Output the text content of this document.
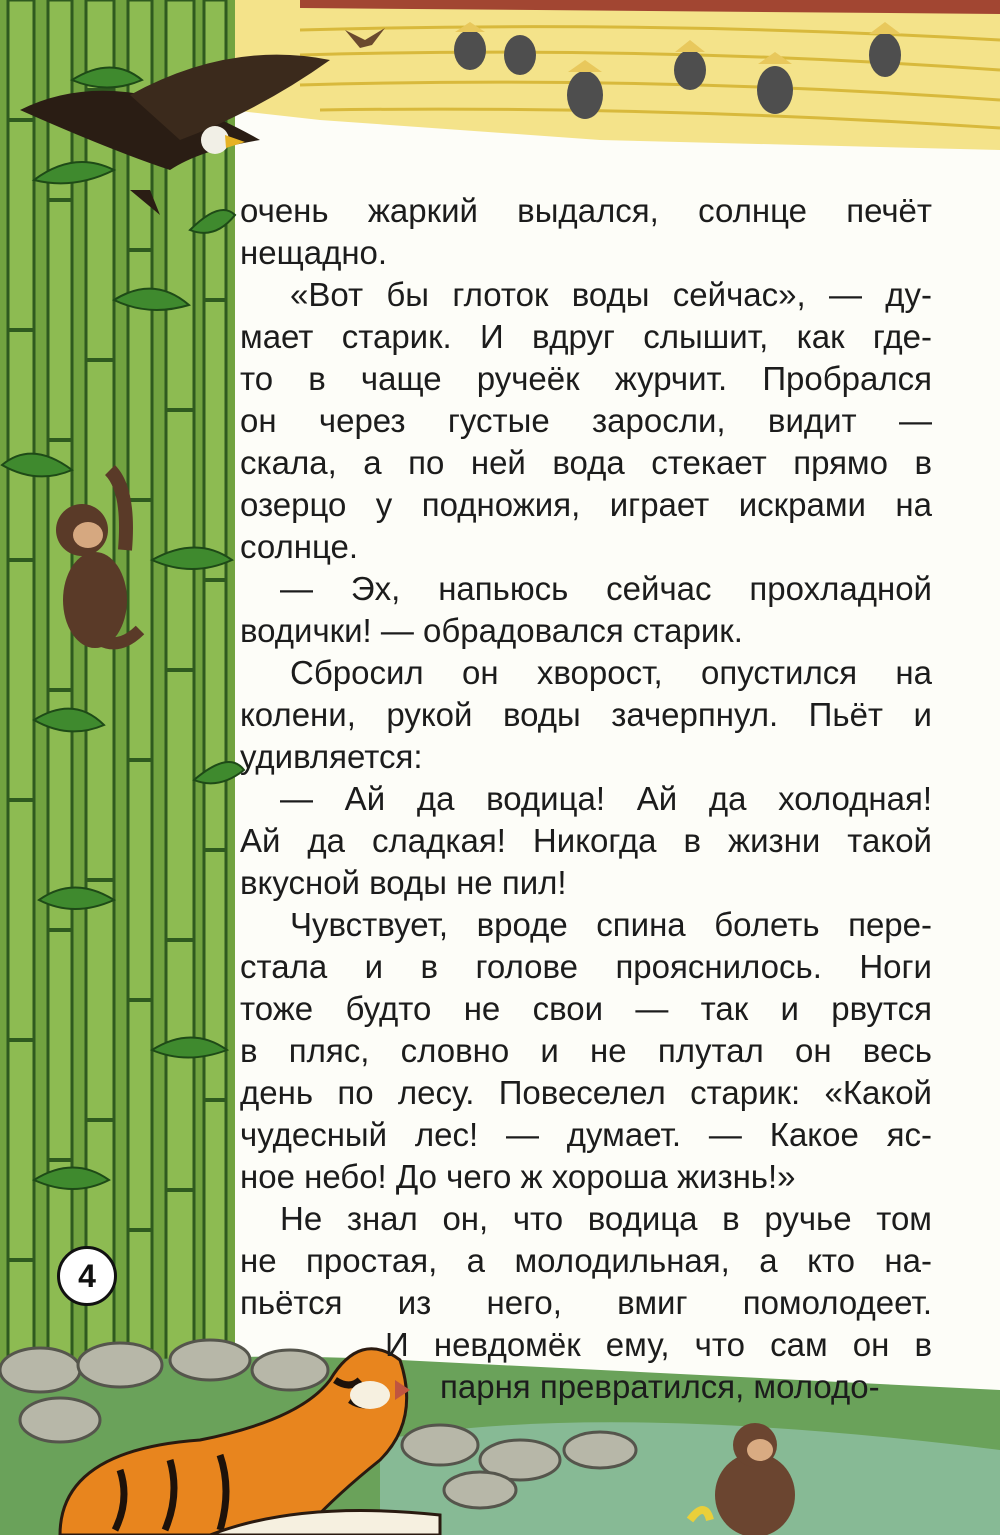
очень жаркий выдался, солнце печёт
нещадно.
«Вот бы глоток воды сейчас», — ду-
мает старик. И вдруг слышит, как где-
то в чаще ручеёк журчит. Пробрался
он через густые заросли, видит —
скала, а по ней вода стекает прямо в
озерцо у подножия, играет искрами на
солнце.
— Эх, напьюсь сейчас прохладной
водички! — обрадовался старик.
Сбросил он хворост, опустился на
колени, рукой воды зачерпнул. Пьёт и
удивляется:
— Ай да водица! Ай да холодная!
Ай да сладкая! Никогда в жизни такой
вкусной воды не пил!
Чувствует, вроде спина болеть пере-
стала и в голове прояснилось. Ноги
тоже будто не свои — так и рвутся
в пляс, словно и не плутал он весь
день по лесу. Повеселел старик: «Какой
чудесный лес! — думает. — Какое яс-
ное небо! До чего ж хороша жизнь!»
Не знал он, что водица в ручье том
не простая, а молодильная, а кто на-
пьётся из него, вмиг помолодеет.
И невдомёк ему, что сам он в
парня превратился, молодо-
4
